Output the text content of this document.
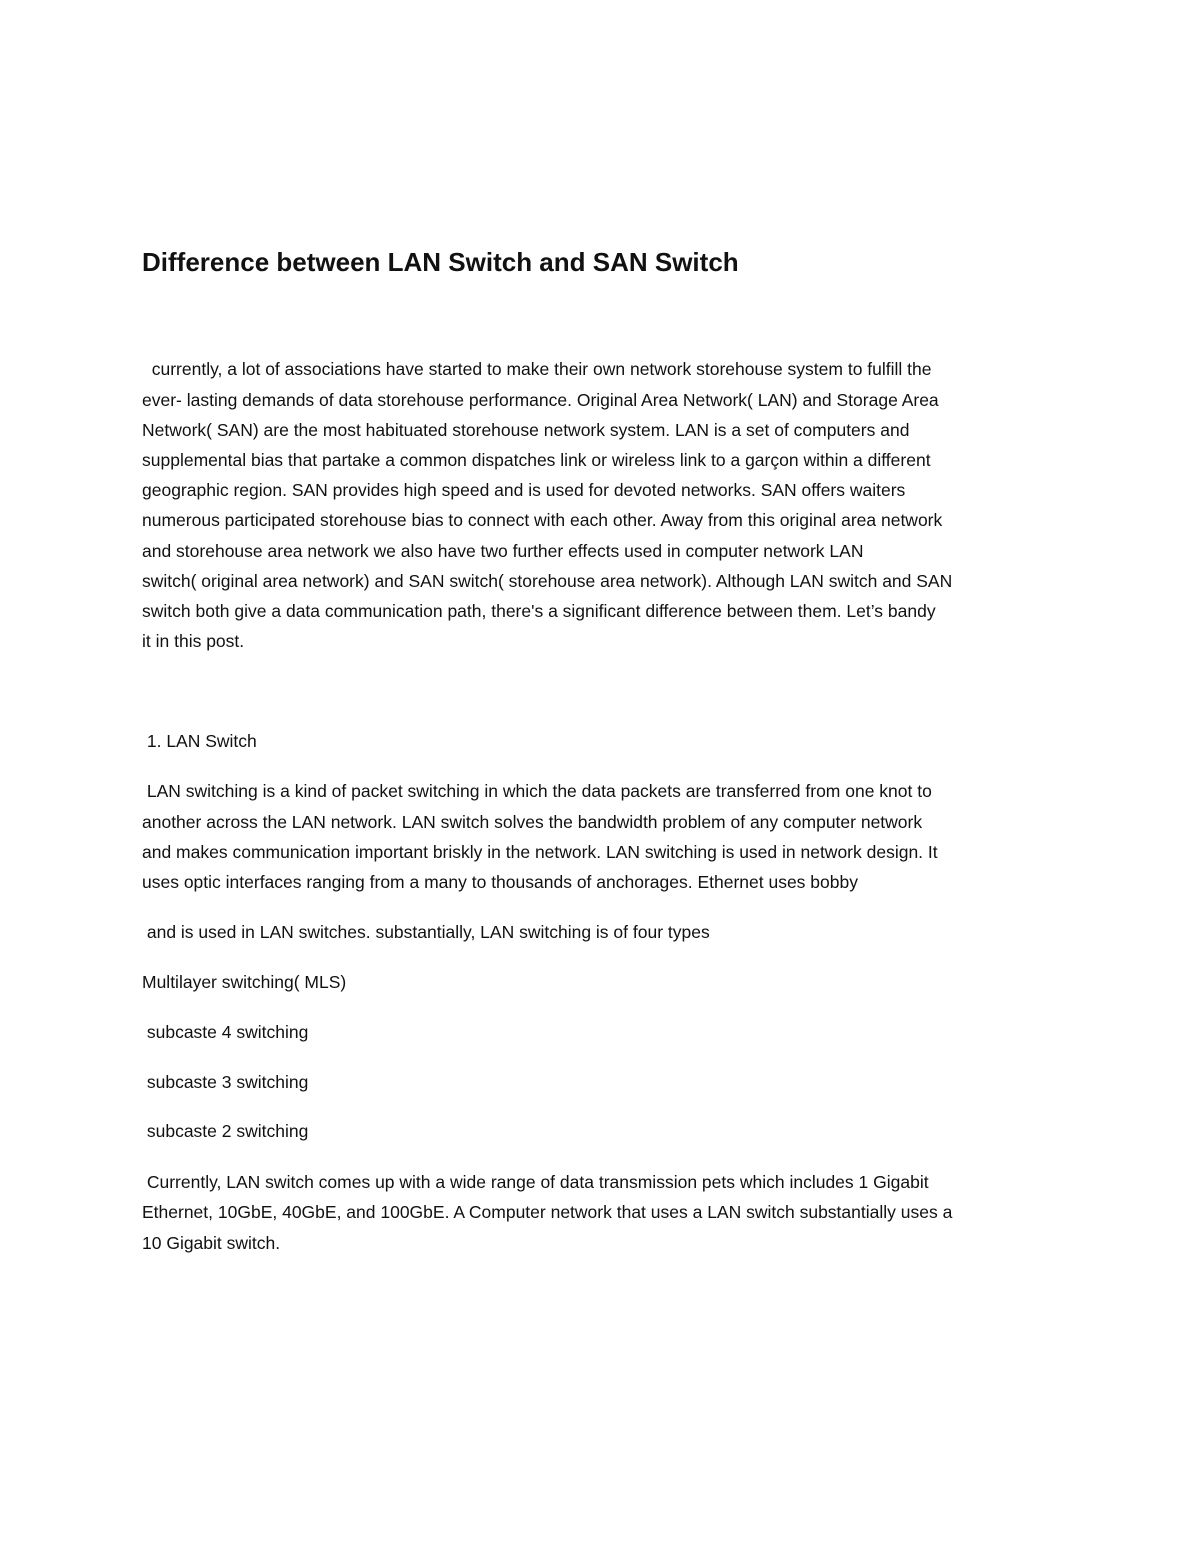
Difference between LAN Switch and SAN Switch

currently, a lot of associations have started to make their own network storehouse system to fulfill the

ever- lasting demands of data storehouse performance. Original Area Network( LAN) and Storage Area

Network( SAN) are the most habituated storehouse network system. LAN is a set of computers and

supplemental bias that partake a common dispatches link or wireless link to a garçon within a different

geographic region. SAN provides high speed and is used for devoted networks. SAN offers waiters

numerous participated storehouse bias to connect with each other. Away from this original area network

and storehouse area network we also have two further effects used in computer network LAN

switch( original area network) and SAN switch( storehouse area network). Although LAN switch and SAN

switch both give a data communication path, there's a significant difference between them. Let’s bandy

it in this post.

1. LAN Switch

LAN switching is a kind of packet switching in which the data packets are transferred from one knot to

another across the LAN network. LAN switch solves the bandwidth problem of any computer network

and makes communication important briskly in the network. LAN switching is used in network design. It

uses optic interfaces ranging from a many to thousands of anchorages. Ethernet uses bobby

and is used in LAN switches. substantially, LAN switching is of four types

Multilayer switching( MLS)

subcaste 4 switching

subcaste 3 switching

subcaste 2 switching

Currently, LAN switch comes up with a wide range of data transmission pets which includes 1 Gigabit

Ethernet, 10GbE, 40GbE, and 100GbE. A Computer network that uses a LAN switch substantially uses a

10 Gigabit switch.
